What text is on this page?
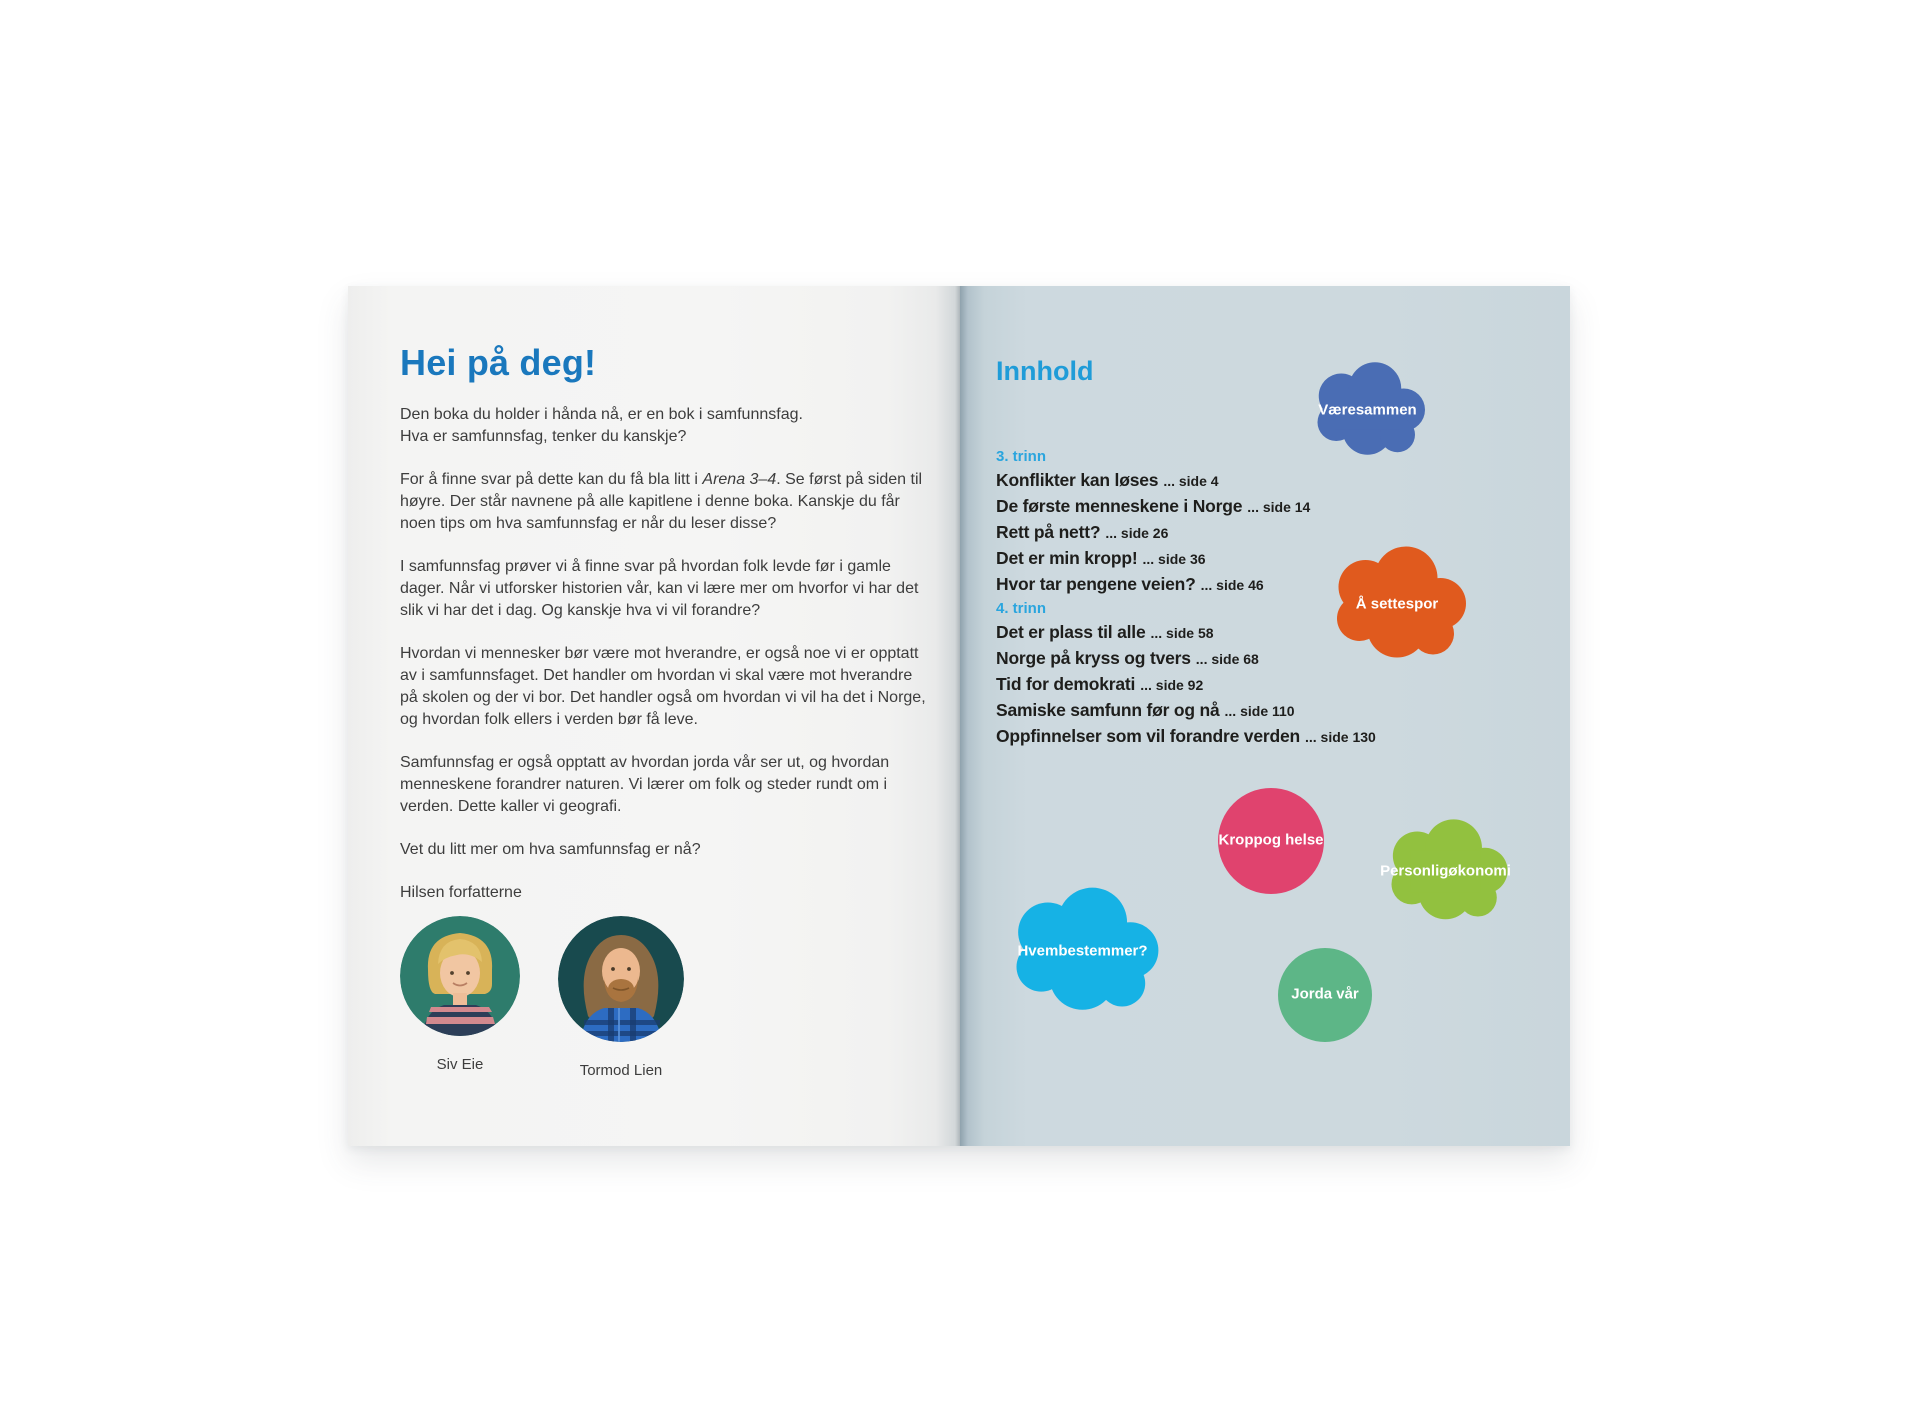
Hei på deg!

Den boka du holder i hånda nå, er en bok i samfunnsfag.
Hva er samfunnsfag, tenker du kanskje?

For å finne svar på dette kan du få bla litt i Arena 3–4. Se først på siden til høyre. Der står navnene på alle kapitlene i denne boka. Kanskje du får noen tips om hva samfunnsfag er når du leser disse?

I samfunnsfag prøver vi å finne svar på hvordan folk levde før i gamle dager. Når vi utforsker historien vår, kan vi lære mer om hvorfor vi har det slik vi har det i dag. Og kanskje hva vi vil forandre?

Hvordan vi mennesker bør være mot hverandre, er også noe vi er opptatt av i samfunnsfaget. Det handler om hvordan vi skal være mot hverandre på skolen og der vi bor. Det handler også om hvordan vi vil ha det i Norge, og hvordan folk ellers i verden bør få leve.

Samfunnsfag er også opptatt av hvordan jorda vår ser ut, og hvordan menneskene forandrer naturen. Vi lærer om folk og steder rundt om i verden. Dette kaller vi geografi.

Vet du litt mer om hva samfunnsfag er nå?

Hilsen forfatterne

Siv Eie	Tormod Lien
Innhold
3. trinn
Konflikter kan løses ... side 4
De første menneskene i Norge ... side 14
Rett på nett? ... side 26
Det er min kropp! ... side 36
Hvor tar pengene veien? ... side 46
4. trinn
Det er plass til alle ... side 58
Norge på kryss og tvers ... side 68
Tid for demokrati ... side 92
Samiske samfunn før og nå ... side 110
Oppfinnelser som vil forandre verden ... side 130
Væresammen
Å settespor
Kroppog helse
Personligøkonomi
Hvembestemmer?
Jorda vår
